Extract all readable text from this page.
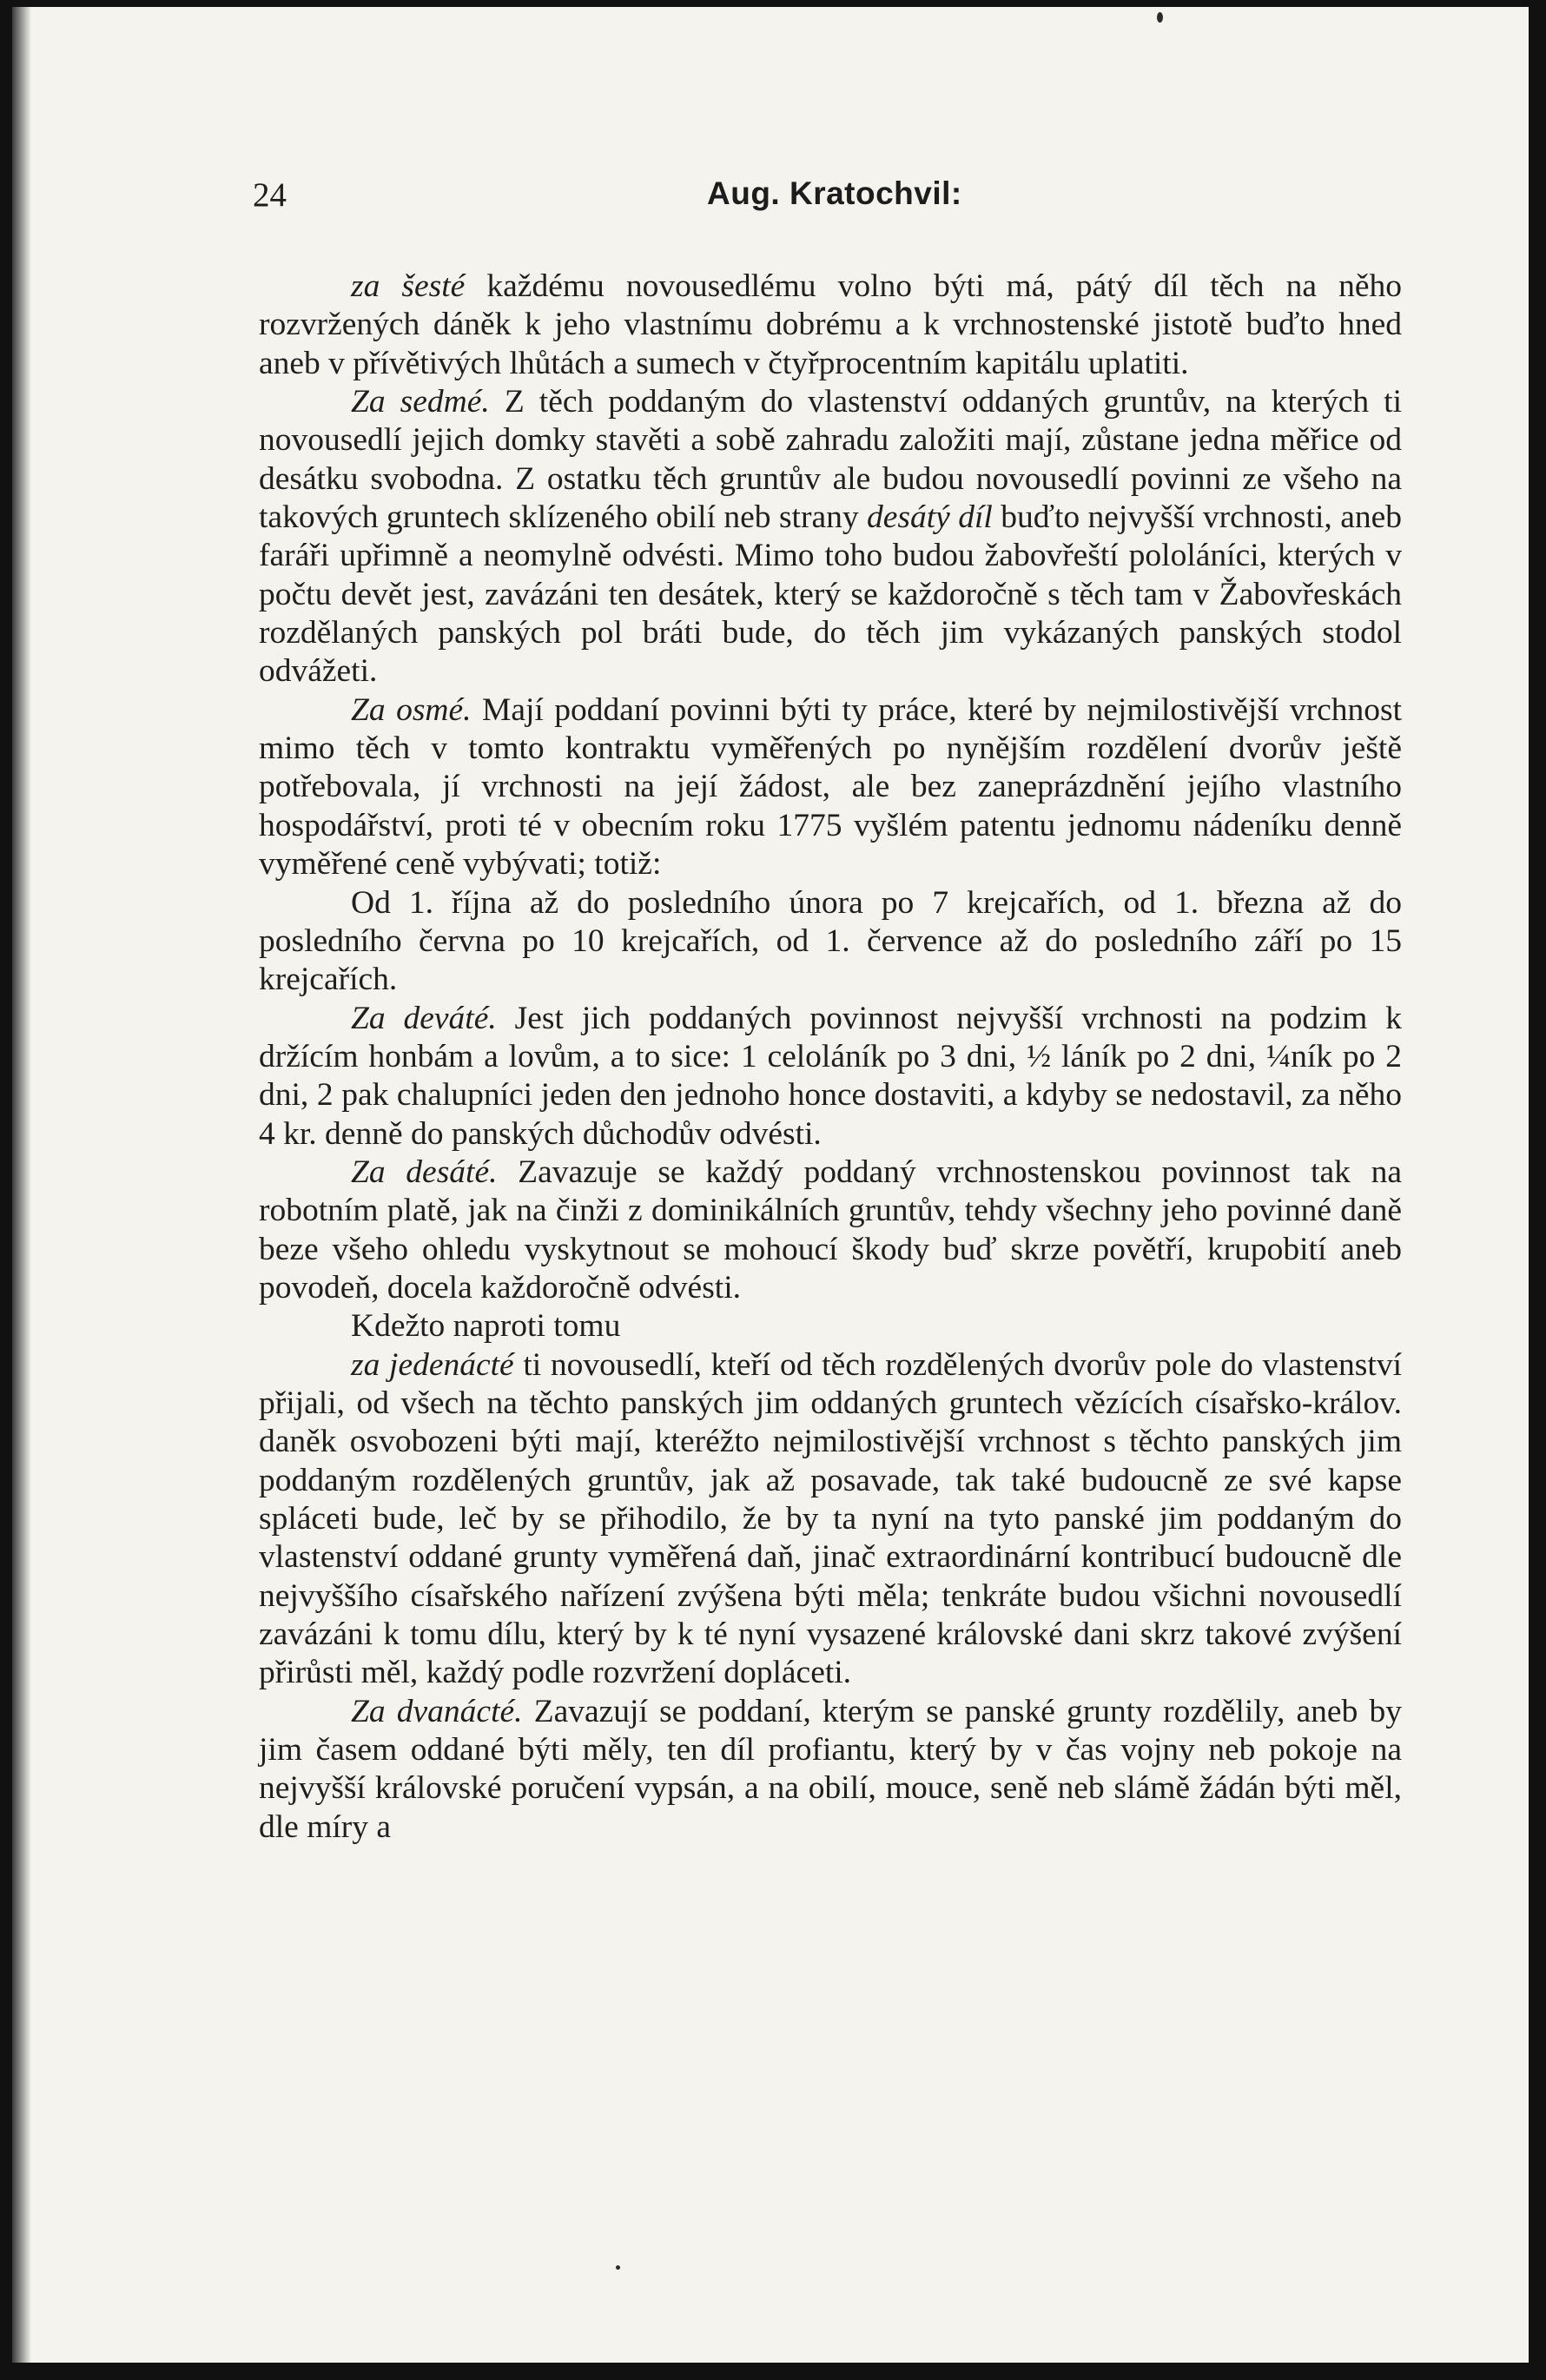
24	Aug. Kratochvil:

za šesté každému novousedlému volno býti má, pátý díl těch na něho rozvržených dáněk k jeho vlastnímu dobrému a k vrchnostenské jistotě buďto hned aneb v přívětivých lhůtách a sumech v čtyřprocentním kapitálu uplatiti.

Za sedmé. Z těch poddaným do vlastenství oddaných gruntův, na kterých ti novousedlí jejich domky stavěti a sobě zahradu založiti mají, zůstane jedna měřice od desátku svobodna. Z ostatku těch gruntův ale budou novousedlí povinni ze všeho na takových gruntech sklízeného obilí neb strany desátý díl buďto nejvyšší vrchnosti, aneb faráři upřimně a neomylně odvésti. Mimo toho budou žabovřeští pololáníci, kterých v počtu devět jest, zavázáni ten desátek, který se každoročně s těch tam v Žabovřeskách rozdělaných panských pol bráti bude, do těch jim vykázaných panských stodol odvážeti.

Za osmé. Mají poddaní povinni býti ty práce, které by nejmilostivější vrchnost mimo těch v tomto kontraktu vyměřených po nynějším rozdělení dvorův ještě potřebovala, jí vrchnosti na její žádost, ale bez zaneprázdnění jejího vlastního hospodářství, proti té v obecním roku 1775 vyšlém patentu jednomu nádeníku denně vyměřené ceně vybývati; totiž:

Od 1. října až do posledního února po 7 krejcařích, od 1. března až do posledního června po 10 krejcařích, od 1. července až do posledního září po 15 krejcařích.

Za deváté. Jest jich poddaných povinnost nejvyšší vrchnosti na podzim k držícím honbám a lovům, a to sice: 1 celoláník po 3 dni, ½ láník po 2 dni, ¼ník po 2 dni, 2 pak chalupníci jeden den jednoho honce dostaviti, a kdyby se nedostavil, za něho 4 kr. denně do panských důchodův odvésti.

Za desáté. Zavazuje se každý poddaný vrchnostenskou povinnost tak na robotním platě, jak na činži z dominikálních gruntův, tehdy všechny jeho povinné daně beze všeho ohledu vyskytnout se mohoucí škody buď skrze povětří, krupobití aneb povodeň, docela každoročně odvésti.

Kdežto naproti tomu

za jedenácté ti novousedlí, kteří od těch rozdělených dvorův pole do vlastenství přijali, od všech na těchto panských jim oddaných gruntech vězících císařsko-králov. daněk osvobozeni býti mají, kteréžto nejmilostivější vrchnost s těchto panských jim poddaným rozdělených gruntův, jak až posavade, tak také budoucně ze své kapse spláceti bude, leč by se přihodilo, že by ta nyní na tyto panské jim poddaným do vlastenství oddané grunty vyměřená daň, jinač extraordinární kontribucí budoucně dle nejvyššího císařského nařízení zvýšena býti měla; tenkráte budou všichni novousedlí zavázáni k tomu dílu, který by k té nyní vysazené královské dani skrz takové zvýšení přirůsti měl, každý podle rozvržení dopláceti.

Za dvanácté. Zavazují se poddaní, kterým se panské grunty rozdělily, aneb by jim časem oddané býti měly, ten díl profiantu, který by v čas vojny neb pokoje na nejvyšší královské poručení vypsán, a na obilí, mouce, seně neb slámě žádán býti měl, dle míry a
